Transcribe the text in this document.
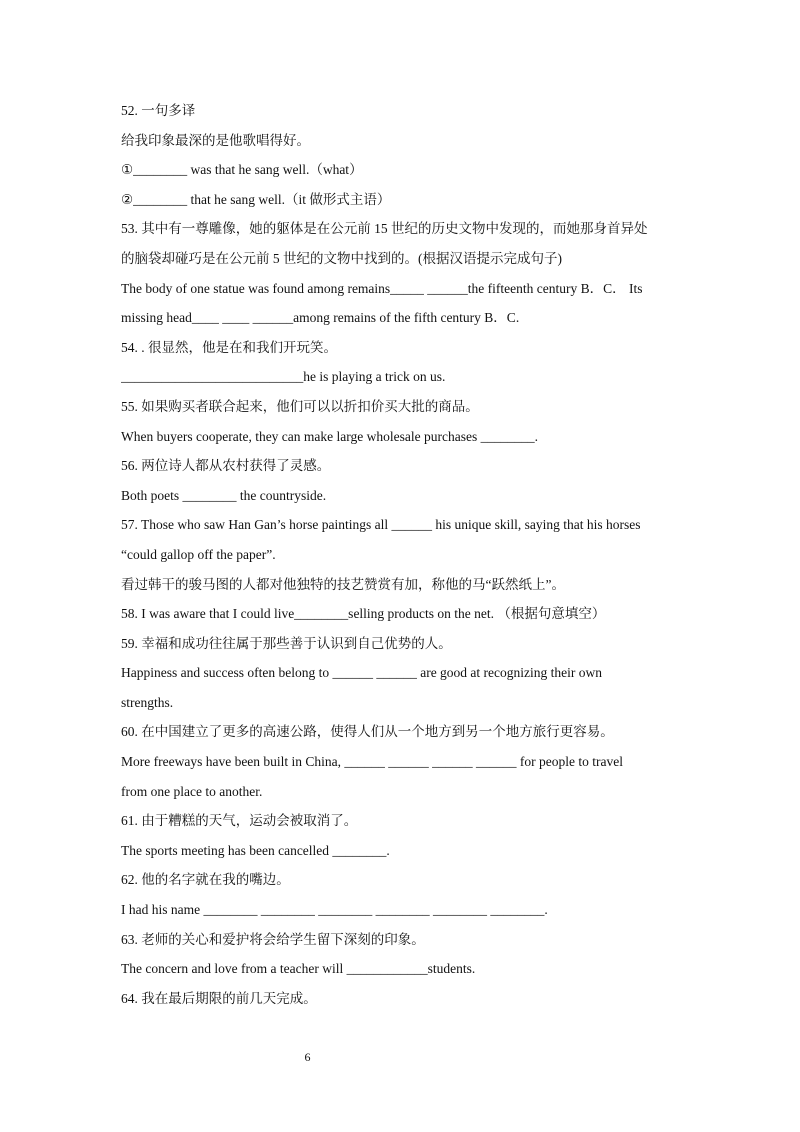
52. 一句多译
给我印象最深的是他歌唱得好。
①________ was that he sang well.（what）
②________ that he sang well.（it 做形式主语）
53. 其中有一尊雕像，她的躯体是在公元前 15 世纪的历史文物中发现的，而她那身首异处
的脑袋却碰巧是在公元前 5 世纪的文物中找到的。(根据汉语提示完成句子)
The body of one statue was found among remains_____ ______the fifteenth century B．C． Its
missing head____ ____ ______among remains of the fifth century B．C.
54. . 很显然，他是在和我们开玩笑。
___________________________he is playing a trick on us.
55. 如果购买者联合起来，他们可以以折扣价买大批的商品。
When buyers cooperate, they can make large wholesale purchases ________.
56. 两位诗人都从农村获得了灵感。
Both poets ________ the countryside.
57. Those who saw Han Gan’s horse paintings all ______ his unique skill, saying that his horses
“could gallop off the paper”.
看过韩干的骏马图的人都对他独特的技艺赞赏有加，称他的马“跃然纸上”。
58. I was aware that I could live________selling products on the net. （根据句意填空）
59. 幸福和成功往往属于那些善于认识到自己优势的人。
Happiness and success often belong to ______ ______ are good at recognizing their own
strengths.
60. 在中国建立了更多的高速公路，使得人们从一个地方到另一个地方旅行更容易。
More freeways have been built in China, ______ ______ ______ ______ for people to travel
from one place to another.
61. 由于糟糕的天气，运动会被取消了。
The sports meeting has been cancelled ________.
62. 他的名字就在我的嘴边。
I had his name ________ ________ ________ ________ ________ ________.
63. 老师的关心和爱护将会给学生留下深刻的印象。
The concern and love from a teacher will ____________students.
64. 我在最后期限的前几天完成。
6
